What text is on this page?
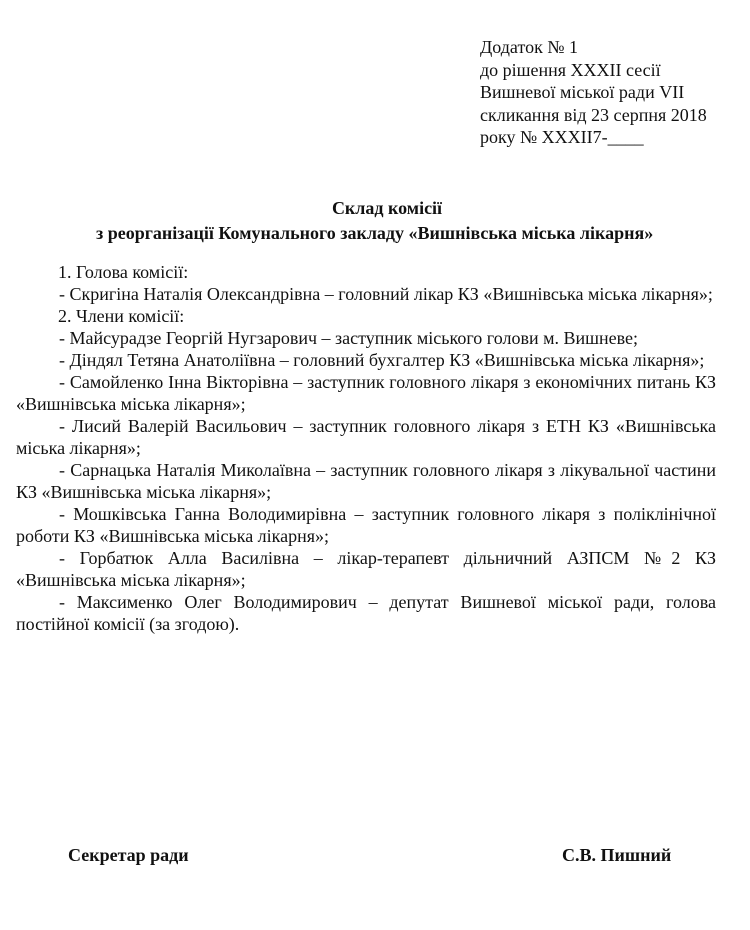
Додаток № 1
до рішення XXXII сесії
Вишневої міської ради VII
скликання від 23 серпня 2018
року № XXXII7-____
Склад комісії
з реорганізації Комунального закладу «Вишнівська міська лікарня»

1. Голова комісії:

- Скригіна Наталія Олександрівна – головний лікар КЗ «Вишнівська міська лікарня»;

2. Члени комісії:

- Майсурадзе Георгій Нугзарович – заступник міського голови м. Вишневе;

- Діндял Тетяна Анатоліївна – головний бухгалтер КЗ «Вишнівська міська лікарня»;

- Самойленко Інна Вікторівна – заступник головного лікаря з економічних питань КЗ «Вишнівська міська лікарня»;

- Лисий Валерій Васильович – заступник головного лікаря з ЕТН КЗ «Вишнівська міська лікарня»;

- Сарнацька Наталія Миколаївна – заступник головного лікаря з лікувальної частини КЗ «Вишнівська міська лікарня»;

- Мошківська Ганна Володимирівна – заступник головного лікаря з поліклінічної роботи КЗ «Вишнівська міська лікарня»;

- Горбатюк Алла Василівна – лікар-терапевт дільничний АЗПСМ №2 КЗ «Вишнівська міська лікарня»;

- Максименко Олег Володимирович – депутат Вишневої міської ради, голова постійної комісії (за згодою).

Секретар ради	С.В. Пишний
